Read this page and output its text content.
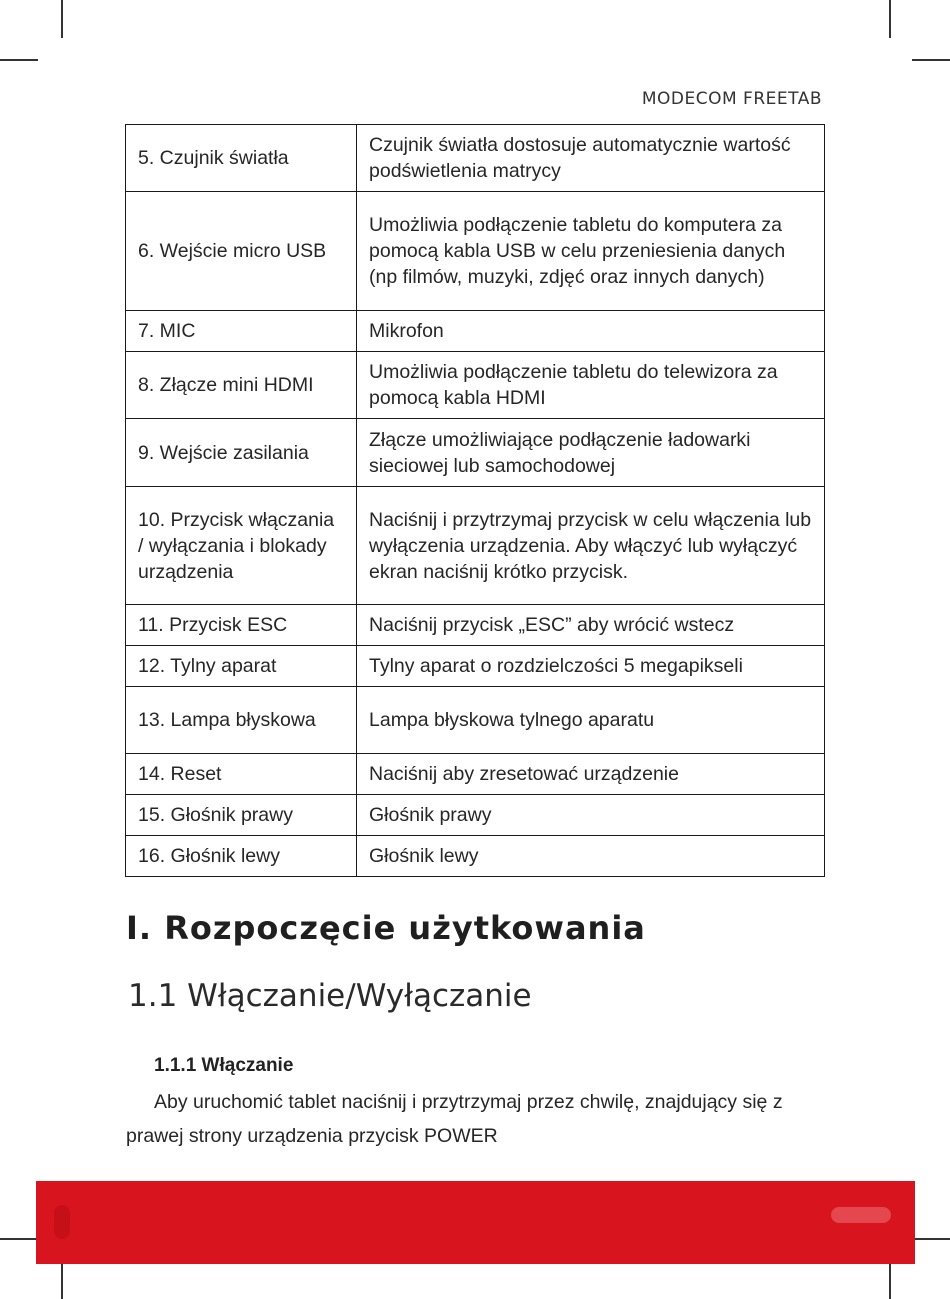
MODECOM FREETAB
5. Czujnik światła	Czujnik światła dostosuje automatycznie wartość podświetlenia matrycy
6. Wejście micro USB	Umożliwia podłączenie tabletu do komputera za pomocą kabla USB w celu przeniesienia danych (np filmów, muzyki, zdjęć oraz innych danych)
7. MIC	Mikrofon
8. Złącze mini HDMI	Umożliwia podłączenie tabletu do telewizora za pomocą kabla HDMI
9. Wejście zasilania	Złącze umożliwiające podłączenie ładowarki sieciowej lub samochodowej
10. Przycisk włączania / wyłączania i blokady urządzenia	Naciśnij i przytrzymaj przycisk w celu włączenia lub wyłączenia urządzenia. Aby włączyć lub wyłączyć ekran naciśnij krótko przycisk.
11. Przycisk ESC	Naciśnij przycisk „ESC” aby wrócić wstecz
12. Tylny aparat	Tylny aparat o rozdzielczości 5 megapikseli
13. Lampa błyskowa	Lampa błyskowa tylnego aparatu
14. Reset	Naciśnij aby zresetować urządzenie
15. Głośnik prawy	Głośnik prawy
16. Głośnik lewy	Głośnik lewy
I. Rozpoczęcie użytkowania
1.1 Włączanie/Wyłączanie
1.1.1 Włączanie

Aby uruchomić tablet naciśnij i przytrzymaj przez chwilę, znajdujący się z prawej strony urządzenia przycisk POWER
